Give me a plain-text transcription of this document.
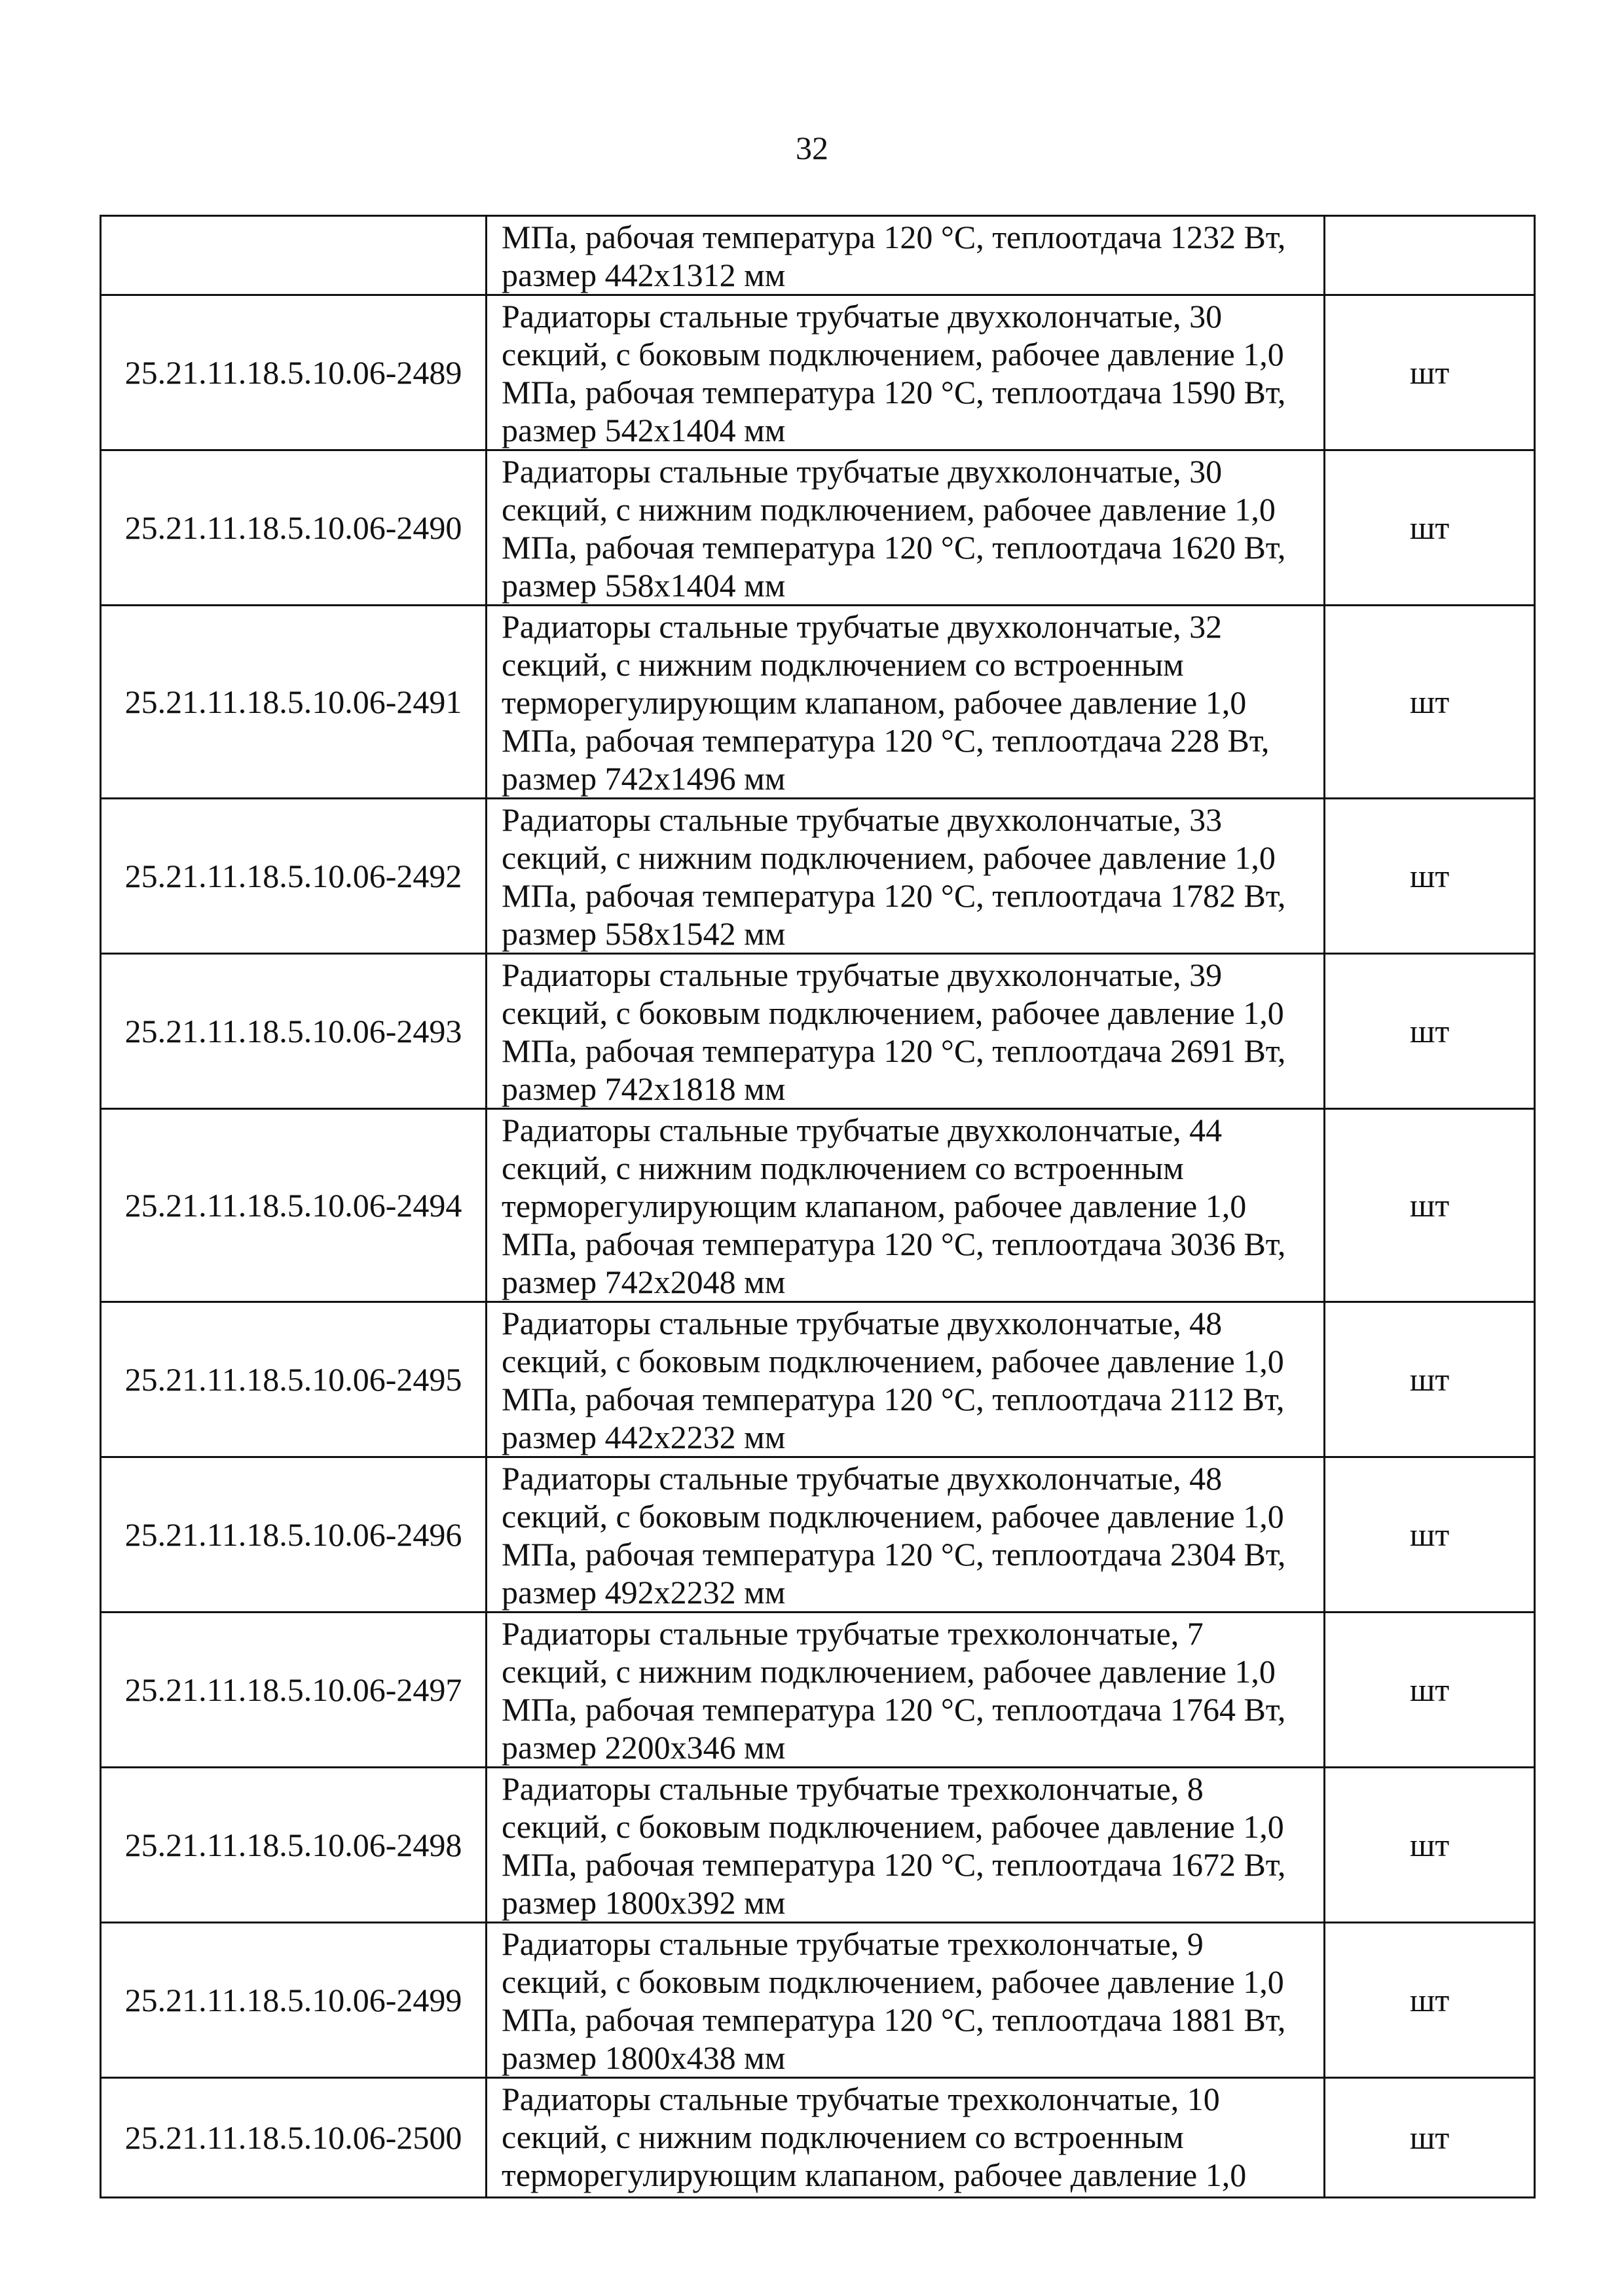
32

	МПа, рабочая температура 120 °С, теплоотдача 1232 Вт,
размер 442х1312 мм	

25.21.11.18.5.10.06-2489	Радиаторы стальные трубчатые двухколончатые, 30
секций, с боковым подключением, рабочее давление 1,0
МПа, рабочая температура 120 °С, теплоотдача 1590 Вт,
размер 542х1404 мм	шт
25.21.11.18.5.10.06-2490	Радиаторы стальные трубчатые двухколончатые, 30
секций, с нижним подключением, рабочее давление 1,0
МПа, рабочая температура 120 °С, теплоотдача 1620 Вт,
размер 558х1404 мм	шт
25.21.11.18.5.10.06-2491	Радиаторы стальные трубчатые двухколончатые, 32
секций, с нижним подключением со встроенным
терморегулирующим клапаном, рабочее давление 1,0
МПа, рабочая температура 120 °С, теплоотдача 228 Вт,
размер 742х1496 мм	шт
25.21.11.18.5.10.06-2492	Радиаторы стальные трубчатые двухколончатые, 33
секций, с нижним подключением, рабочее давление 1,0
МПа, рабочая температура 120 °С, теплоотдача 1782 Вт,
размер 558х1542 мм	шт
25.21.11.18.5.10.06-2493	Радиаторы стальные трубчатые двухколончатые, 39
секций, с боковым подключением, рабочее давление 1,0
МПа, рабочая температура 120 °С, теплоотдача 2691 Вт,
размер 742х1818 мм	шт
25.21.11.18.5.10.06-2494	Радиаторы стальные трубчатые двухколончатые, 44
секций, с нижним подключением со встроенным
терморегулирующим клапаном, рабочее давление 1,0
МПа, рабочая температура 120 °С, теплоотдача 3036 Вт,
размер 742х2048 мм	шт
25.21.11.18.5.10.06-2495	Радиаторы стальные трубчатые двухколончатые, 48
секций, с боковым подключением, рабочее давление 1,0
МПа, рабочая температура 120 °С, теплоотдача 2112 Вт,
размер 442х2232 мм	шт
25.21.11.18.5.10.06-2496	Радиаторы стальные трубчатые двухколончатые, 48
секций, с боковым подключением, рабочее давление 1,0
МПа, рабочая температура 120 °С, теплоотдача 2304 Вт,
размер 492х2232 мм	шт
25.21.11.18.5.10.06-2497	Радиаторы стальные трубчатые трехколончатые, 7
секций, с нижним подключением, рабочее давление 1,0
МПа, рабочая температура 120 °С, теплоотдача 1764 Вт,
размер 2200х346 мм	шт
25.21.11.18.5.10.06-2498	Радиаторы стальные трубчатые трехколончатые, 8
секций, с боковым подключением, рабочее давление 1,0
МПа, рабочая температура 120 °С, теплоотдача 1672 Вт,
размер 1800х392 мм	шт
25.21.11.18.5.10.06-2499	Радиаторы стальные трубчатые трехколончатые, 9
секций, с боковым подключением, рабочее давление 1,0
МПа, рабочая температура 120 °С, теплоотдача 1881 Вт,
размер 1800х438 мм	шт
25.21.11.18.5.10.06-2500	Радиаторы стальные трубчатые трехколончатые, 10
секций, с нижним подключением со встроенным
терморегулирующим клапаном, рабочее давление 1,0	шт
